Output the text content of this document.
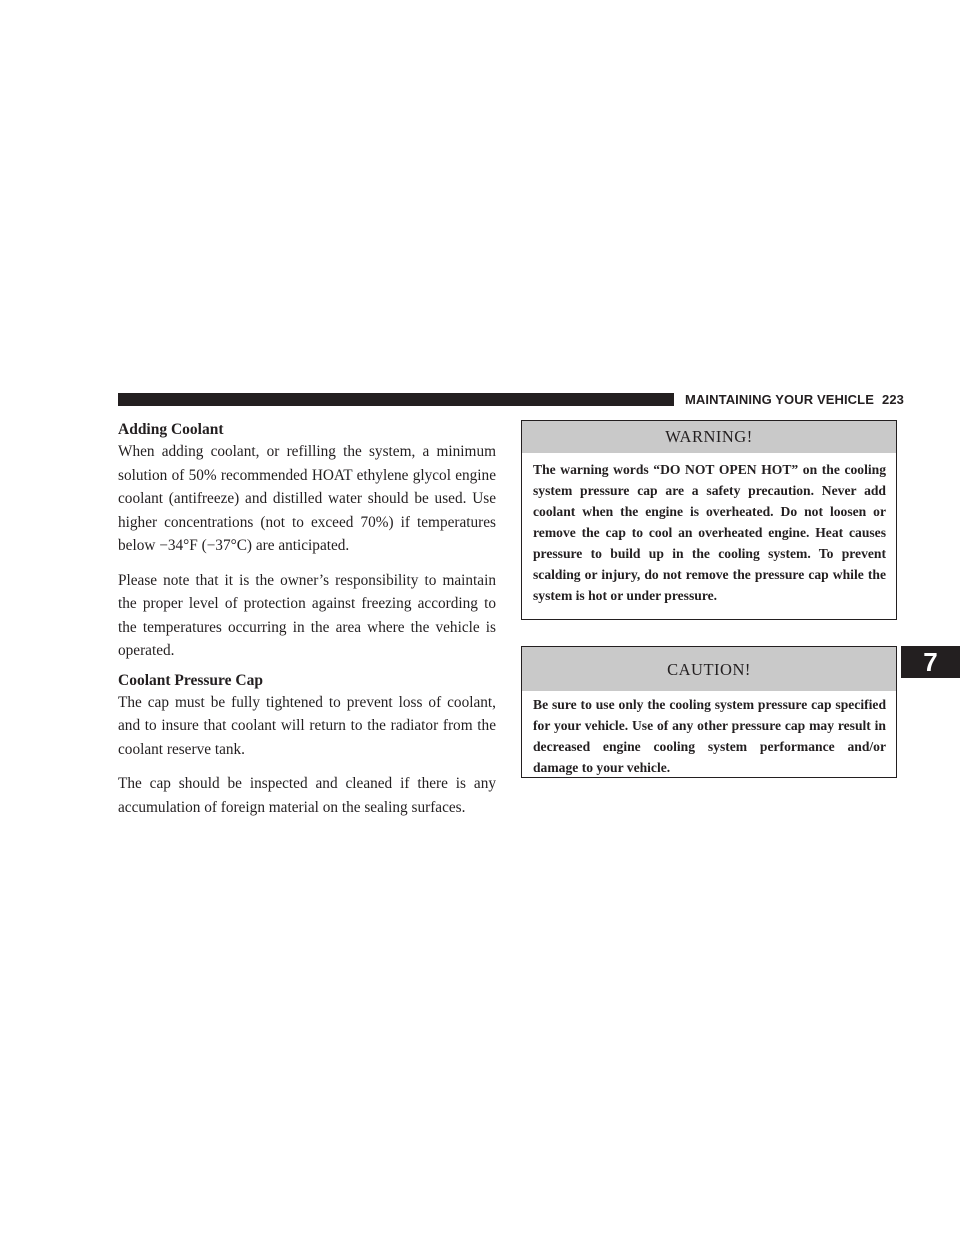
MAINTAINING YOUR VEHICLE 223
Adding Coolant

When adding coolant, or refilling the system, a minimum solution of 50% recommended HOAT ethylene glycol engine coolant (antifreeze) and distilled water should be used. Use higher concentrations (not to exceed 70%) if temperatures below −34°F (−37°C) are anticipated.

Please note that it is the owner’s responsibility to maintain the proper level of protection against freezing according to the temperatures occurring in the area where the vehicle is operated.

Coolant Pressure Cap

The cap must be fully tightened to prevent loss of coolant, and to insure that coolant will return to the radiator from the coolant reserve tank.

The cap should be inspected and cleaned if there is any accumulation of foreign material on the sealing surfaces.

WARNING!

The warning words “DO NOT OPEN HOT” on the cooling system pressure cap are a safety precaution. Never add coolant when the engine is overheated. Do not loosen or remove the cap to cool an overheated engine. Heat causes pressure to build up in the cooling system. To prevent scalding or injury, do not remove the pressure cap while the system is hot or under pressure.

CAUTION!

Be sure to use only the cooling system pressure cap specified for your vehicle. Use of any other pressure cap may result in decreased engine cooling system performance and/or damage to your vehicle.

7
